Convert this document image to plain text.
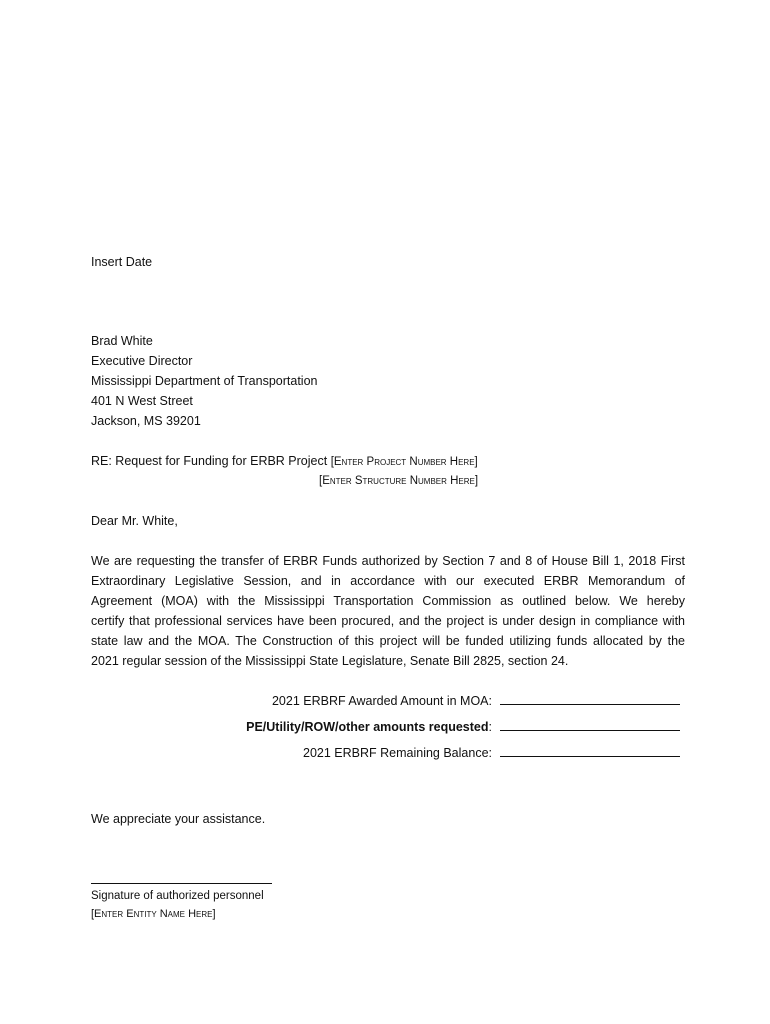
Insert Date
Brad White
Executive Director
Mississippi Department of Transportation
401 N West Street
Jackson, MS 39201
RE: Request for Funding for ERBR Project [Enter Project Number Here]
[Enter Structure Number Here]
Dear Mr. White,
We are requesting the transfer of ERBR Funds authorized by Section 7 and 8 of House Bill 1, 2018 First
Extraordinary Legislative Session, and in accordance with our executed ERBR Memorandum of
Agreement (MOA) with the Mississippi Transportation Commission as outlined below. We hereby
certify that professional services have been procured, and the project is under design in compliance with
state law and the MOA. The Construction of this project will be funded utilizing funds allocated by the
2021 regular session of the Mississippi State Legislature, Senate Bill 2825, section 24.
2021 ERBRF Awarded Amount in MOA:
PE/Utility/ROW/other amounts requested :
2021 ERBRF Remaining Balance:
We appreciate your assistance.
Signature of authorized personnel
[Enter Entity Name Here]
